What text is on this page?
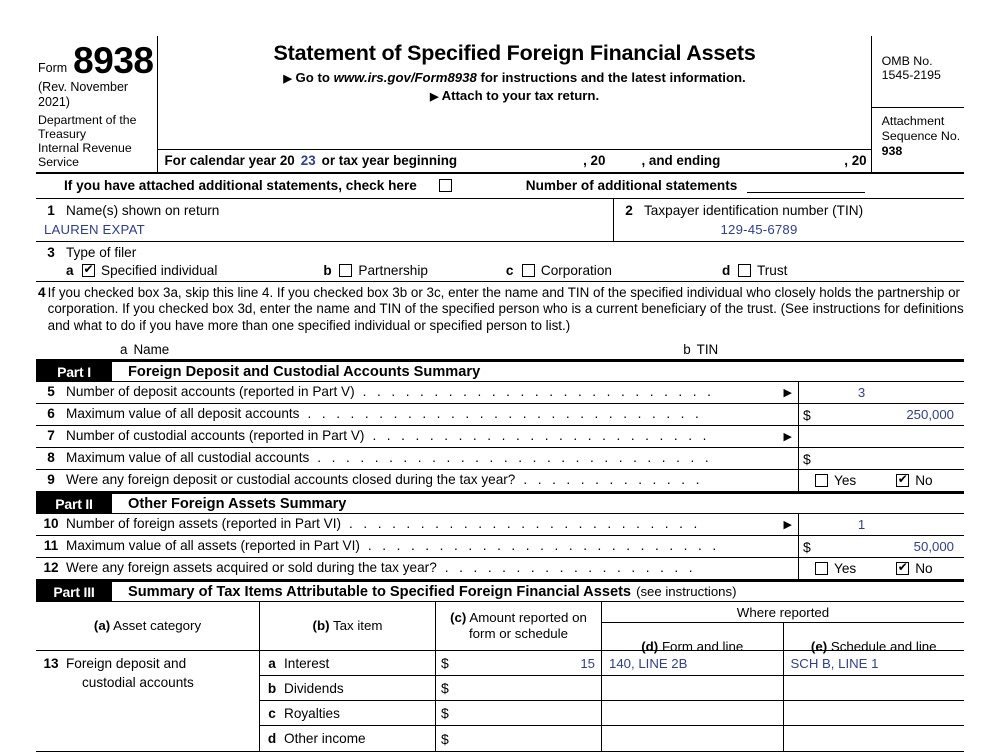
Form 8938
(Rev. November 2021)
Department of the Treasury
Internal Revenue Service
Statement of Specified Foreign Financial Assets
▶ Go to www.irs.gov/Form8938 for instructions and the latest information.
▶ Attach to your tax return.
For calendar year 20 23 or tax year beginning	, 20	, and ending	, 20
OMB No. 1545-2195
Attachment
Sequence No. 938
If you have attached additional statements, check here	Number of additional statements
1 Name(s) shown on return
LAUREN EXPAT
2 Taxpayer identification number (TIN)
129-45-6789
3 Type of filer
a ✔	Specified individual	b	Partnership	c	Corporation	d	Trust
4 If you checked box 3a, skip this line 4. If you checked box 3b or 3c, enter the name and TIN of the specified individual who closely holds the partnership or corporation. If you checked box 3d, enter the name and TIN of the specified person who is a current beneficiary of the trust. (See instructions for definitions and what to do if you have more than one specified individual or specified person to list.)
a Name	b TIN
Part I	Foreign Deposit and Custodial Accounts Summary
5 Number of deposit accounts (reported in Part V) . . . . . . . . . . . . . . . . . . . . . . . . .	▶	3
6 Maximum value of all deposit accounts . . . . . . . . . . . . . . . . . . . . . . . . . . . .	$	250,000
7 Number of custodial accounts (reported in Part V) . . . . . . . . . . . . . . . . . . . . . . . .	▶
8 Maximum value of all custodial accounts . . . . . . . . . . . . . . . . . . . . . . . . . . . .	$
9 Were any foreign deposit or custodial accounts closed during the tax year? . . . . . . . . . . . . .	Yes ✔	No
Part II	Other Foreign Assets Summary
10 Number of foreign assets (reported in Part VI) . . . . . . . . . . . . . . . . . . . . . . . . .	▶	1
11 Maximum value of all assets (reported in Part VI) . . . . . . . . . . . . . . . . . . . . . . . . .	$	50,000
12 Were any foreign assets acquired or sold during the tax year? . . . . . . . . . . . . . . . . . .	Yes ✔	No
Part III	Summary of Tax Items Attributable to Specified Foreign Financial Assets (see instructions)
(a) Asset category	(b) Tax item
(c) Amount reported on
form or schedule
Where reported
(d) Form and line	(e) Schedule and line
13 Foreign deposit and
custodial accounts
a Interest	$	15	140, LINE 2B	SCH B, LINE 1
b Dividends	$
c Royalties	$
d Other income	$
